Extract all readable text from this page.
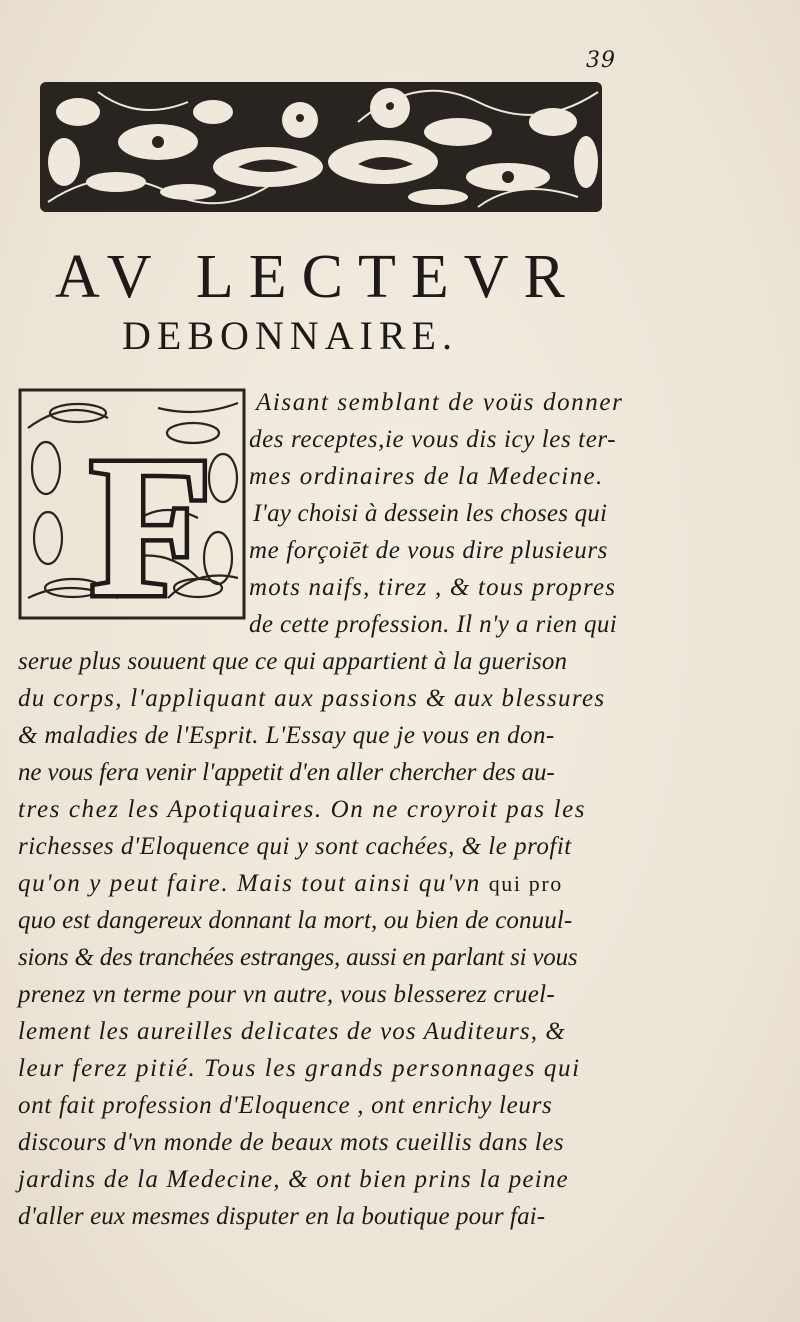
39
AV LECTEVR
DEBONNAIRE.
F
Aisant semblant de voüs donner
des receptes,ie vous dis icy les ter-
mes ordinaires de la Medecine.
I'ay choisi à dessein les choses qui
me forçoiēt de vous dire plusieurs
mots naifs, tirez , & tous propres
de cette profession. Il n'y a rien qui
serue plus souuent que ce qui appartient à la guerison
du corps, l'appliquant aux passions & aux blessures
& maladies de l'Esprit. L'Essay que je vous en don-
ne vous fera venir l'appetit d'en aller chercher des au-
tres chez les Apotiquaires. On ne croyroit pas les
richesses d'Eloquence qui y sont cachées, & le profit
qu'on y peut faire. Mais tout ainsi qu'vn qui pro
quo est dangereux donnant la mort, ou bien de conuul-
sions & des tranchées estranges, aussi en parlant si vous
prenez vn terme pour vn autre, vous blesserez cruel-
lement les aureilles delicates de vos Auditeurs, &
leur ferez pitié. Tous les grands personnages qui
ont fait profession d'Eloquence , ont enrichy leurs
discours d'vn monde de beaux mots cueillis dans les
jardins de la Medecine, & ont bien prins la peine
d'aller eux mesmes disputer en la boutique pour fai-
